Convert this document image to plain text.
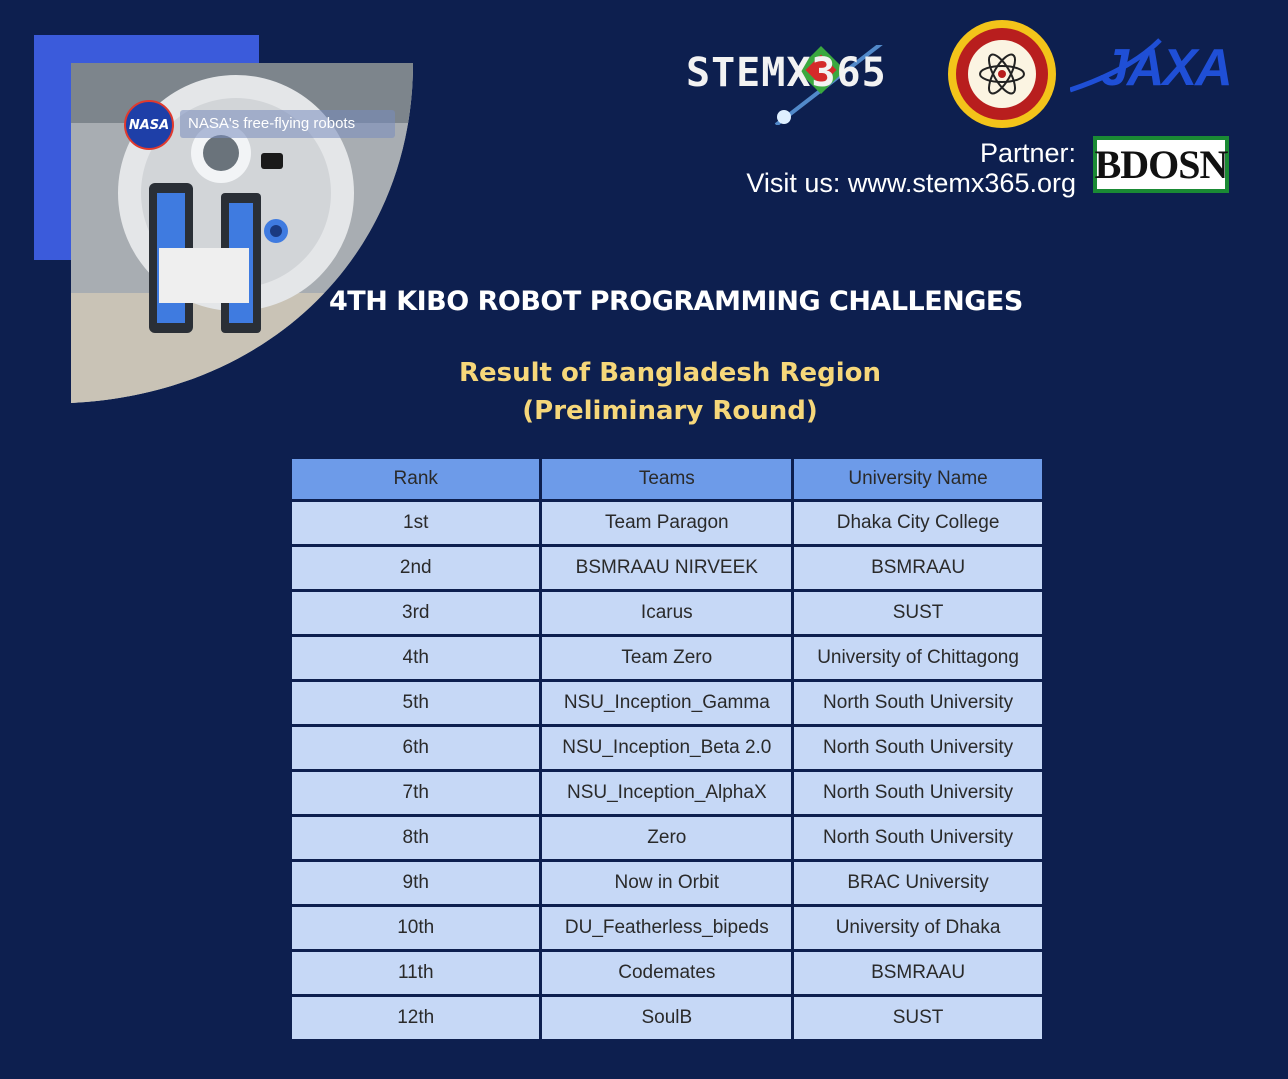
NASA	NASA's free-flying robots
STEMX365	JAXA
Partner:
Visit us: www.stemx365.org BDOSN
4TH KIBO ROBOT PROGRAMMING CHALLENGES
Result of Bangladesh Region
(Preliminary Round)
Rank	Teams	University Name
1st	Team Paragon	Dhaka City College
2nd	BSMRAAU NIRVEEK	BSMRAAU
3rd	Icarus	SUST
4th	Team Zero	University of Chittagong
5th	NSU_Inception_Gamma	North South University
6th	NSU_Inception_Beta 2.0	North South University
7th	NSU_Inception_AlphaX	North South University
8th	Zero	North South University
9th	Now in Orbit	BRAC University
10th	DU_Featherless_bipeds	University of Dhaka
11th	Codemates	BSMRAAU
12th	SoulB	SUST
